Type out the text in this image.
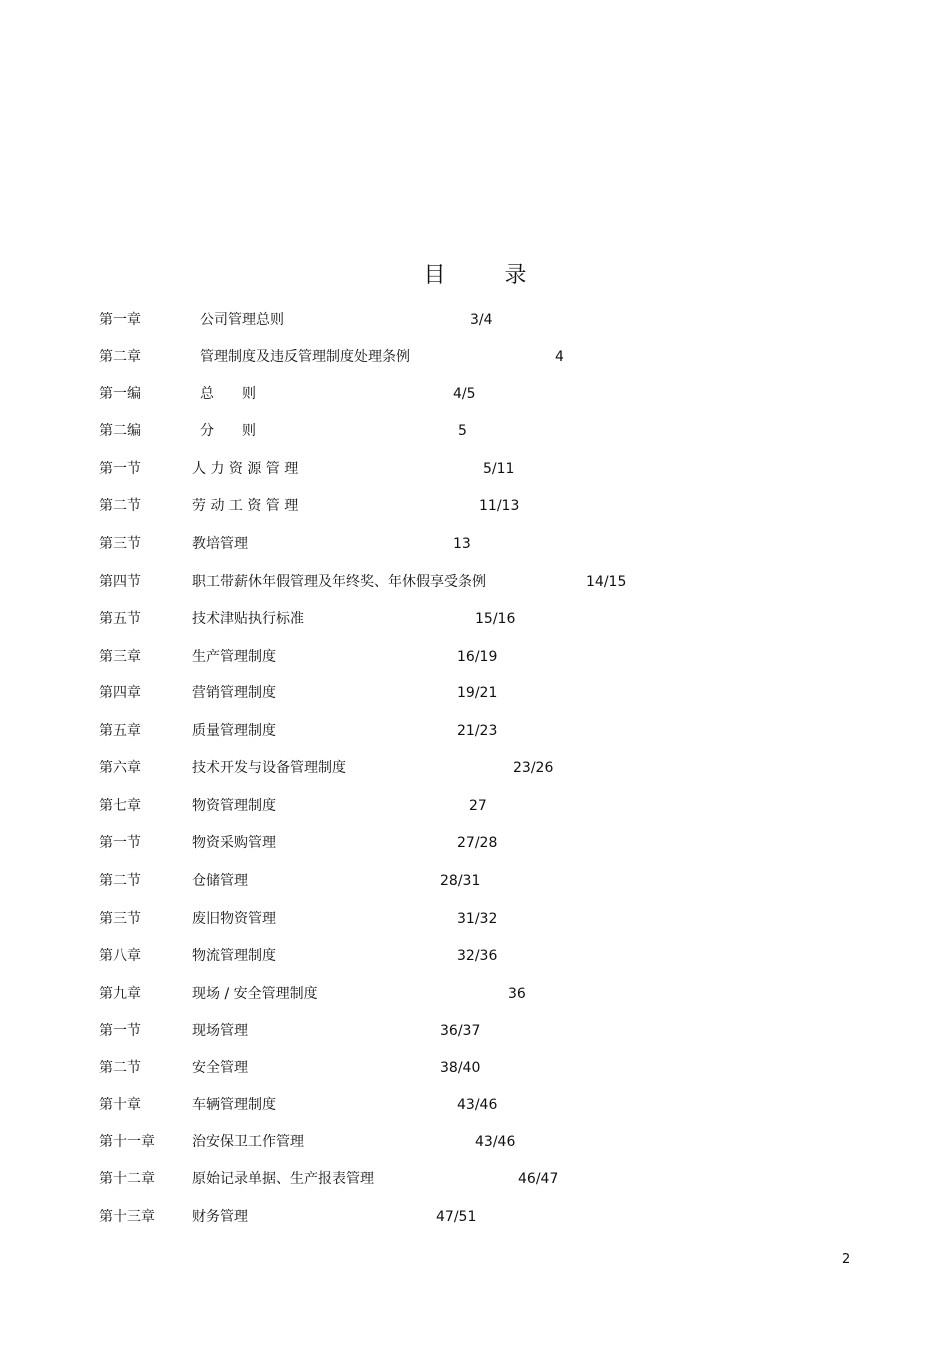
目 录
第一章	公司管理总则	3/4
第二章	管理制度及违反管理制度处理条例	4
第一编	总　　则	4/5
第二编	分　　则	5
第一节	人 力 资 源 管 理	5/11
第二节	劳 动 工 资 管 理	11/13
第三节	教培管理	13
第四节	职工带薪休年假管理及年终奖、年休假享受条例	14/15
第五节	技术津贴执行标准	15/16
第三章	生产管理制度	16/19
第四章	营销管理制度	19/21
第五章	质量管理制度	21/23
第六章	技术开发与设备管理制度	23/26
第七章	物资管理制度	27
第一节	物资采购管理	27/28
第二节	仓储管理	28/31
第三节	废旧物资管理	31/32
第八章	物流管理制度	32/36
第九章	现场 / 安全管理制度	36
第一节	现场管理	36/37
第二节	安全管理	38/40
第十章	车辆管理制度	43/46
第十一章	治安保卫工作管理	43/46
第十二章	原始记录单据、生产报表管理	46/47
第十三章	财务管理	47/51
2
